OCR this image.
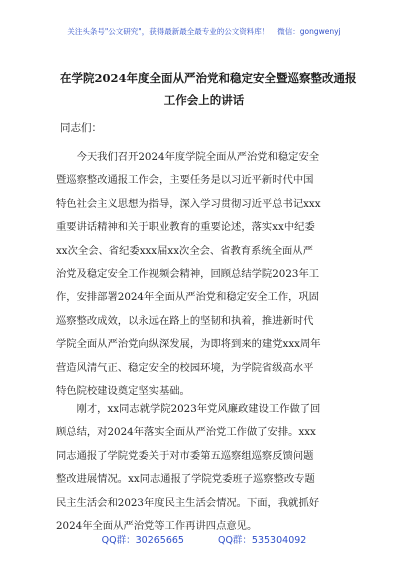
关注头条号"公文研究"，获得最新最全最专业的公文资料库！ 微信：gongwenyj
在学院2024年度全面从严治党和稳定安全暨巡察整改通报
工作会上的讲话
同志们：
　　今天我们召开2024年度学院全面从严治党和稳定安全
暨巡察整改通报工作会，主要任务是以习近平新时代中国
特色社会主义思想为指导，深入学习贯彻习近平总书记xxx
重要讲话精神和关于职业教育的重要论述，落实xx中纪委
xx次全会、省纪委xxx届xx次全会、省教育系统全面从严
治党及稳定安全工作视频会精神，回顾总结学院2023年工
作，安排部署2024年全面从严治党和稳定安全工作，巩固
巡察整改成效，以永远在路上的坚韧和执着，推进新时代
学院全面从严治党向纵深发展，为即将到来的建党xxx周年
营造风清气正、稳定安全的校园环境，为学院省级高水平
特色院校建设奠定坚实基础。
　　刚才，xx同志就学院2023年党风廉政建设工作做了回
顾总结，对2024年落实全面从严治党工作做了安排。xxx
同志通报了学院党委关于对市委第五巡察组巡察反馈问题
整改进展情况。xx同志通报了学院党委班子巡察整改专题
民主生活会和2023年度民主生活会情况。下面，我就抓好
2024年全面从严治党等工作再讲四点意见。
QQ群：30265665	QQ群：535304092
